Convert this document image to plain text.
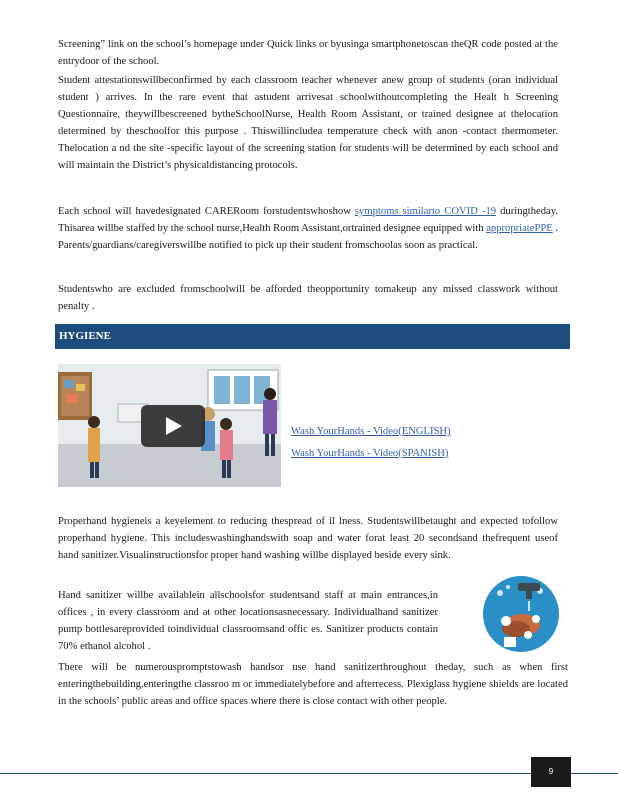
Screening” link on the school’s homepage under Quick links or byusinga smartphonetoscan theQR code posted at the entrydoor of the school.

Student attestationswillbeconfirmed by each classroom teacher whenever anew group of students (oran individual student ) arrives. In the rare event that astudent arrivesat schoolwithoutcompleting the Healt h Screening Questionnaire, theywillbescreened bytheSchoolNurse, Health Room Assistant, or trained designee at thelocation determined by theschoolfor this purpose . Thiswillincludea temperature check with anon -contact thermometer. Thelocation a nd the site -specific layout of the screening station for students will be determined by each school and will maintain the District’s physicaldistancing protocols.

Each school will havedesignated CARERoom forstudentswhoshow symptoms similarto COVID -19 duringtheday. Thisarea willbe staffed by the school nurse,Health Room Assistant,ortrained designee equipped with appropriatePPE . Parents/guardians/caregiverswillbe notified to pick up their student fromschoolas soon as practical.

Studentswho are excluded fromschoolwill be afforded theopportunity tomakeup any missed classwork without penalty .

HYGIENE
Wash YourHands - Video(ENGLISH)
Wash YourHands - Video(SPANISH)

Properhand hygieneis a keyelement to reducing thespread of il lness. Studentswillbetaught and expected tofollow properhand hygiene. This includeswashinghandswith soap and water forat least 20 secondsand thefrequent useof hand sanitizer.Visualinstructionsfor proper hand washing willbe displayed beside every sink.

Hand sanitizer willbe availablein allschoolsfor studentsand staff at main entrances,in offices , in every classroom and at other locationsasnecessary. Individualhand sanitizer pump bottlesareprovided toindividual classroomsand offic es. Sanitizer products contain 70% ethanol alcohol .

There will be numerouspromptstowash handsor use hand sanitizerthroughout theday, such as when first enteringthebuilding,enteringthe classroo m or immediatelybefore and afterrecess. Plexiglass hygiene shields are located in the schools’ public areas and office spaces where there is close contact with other people.

9
